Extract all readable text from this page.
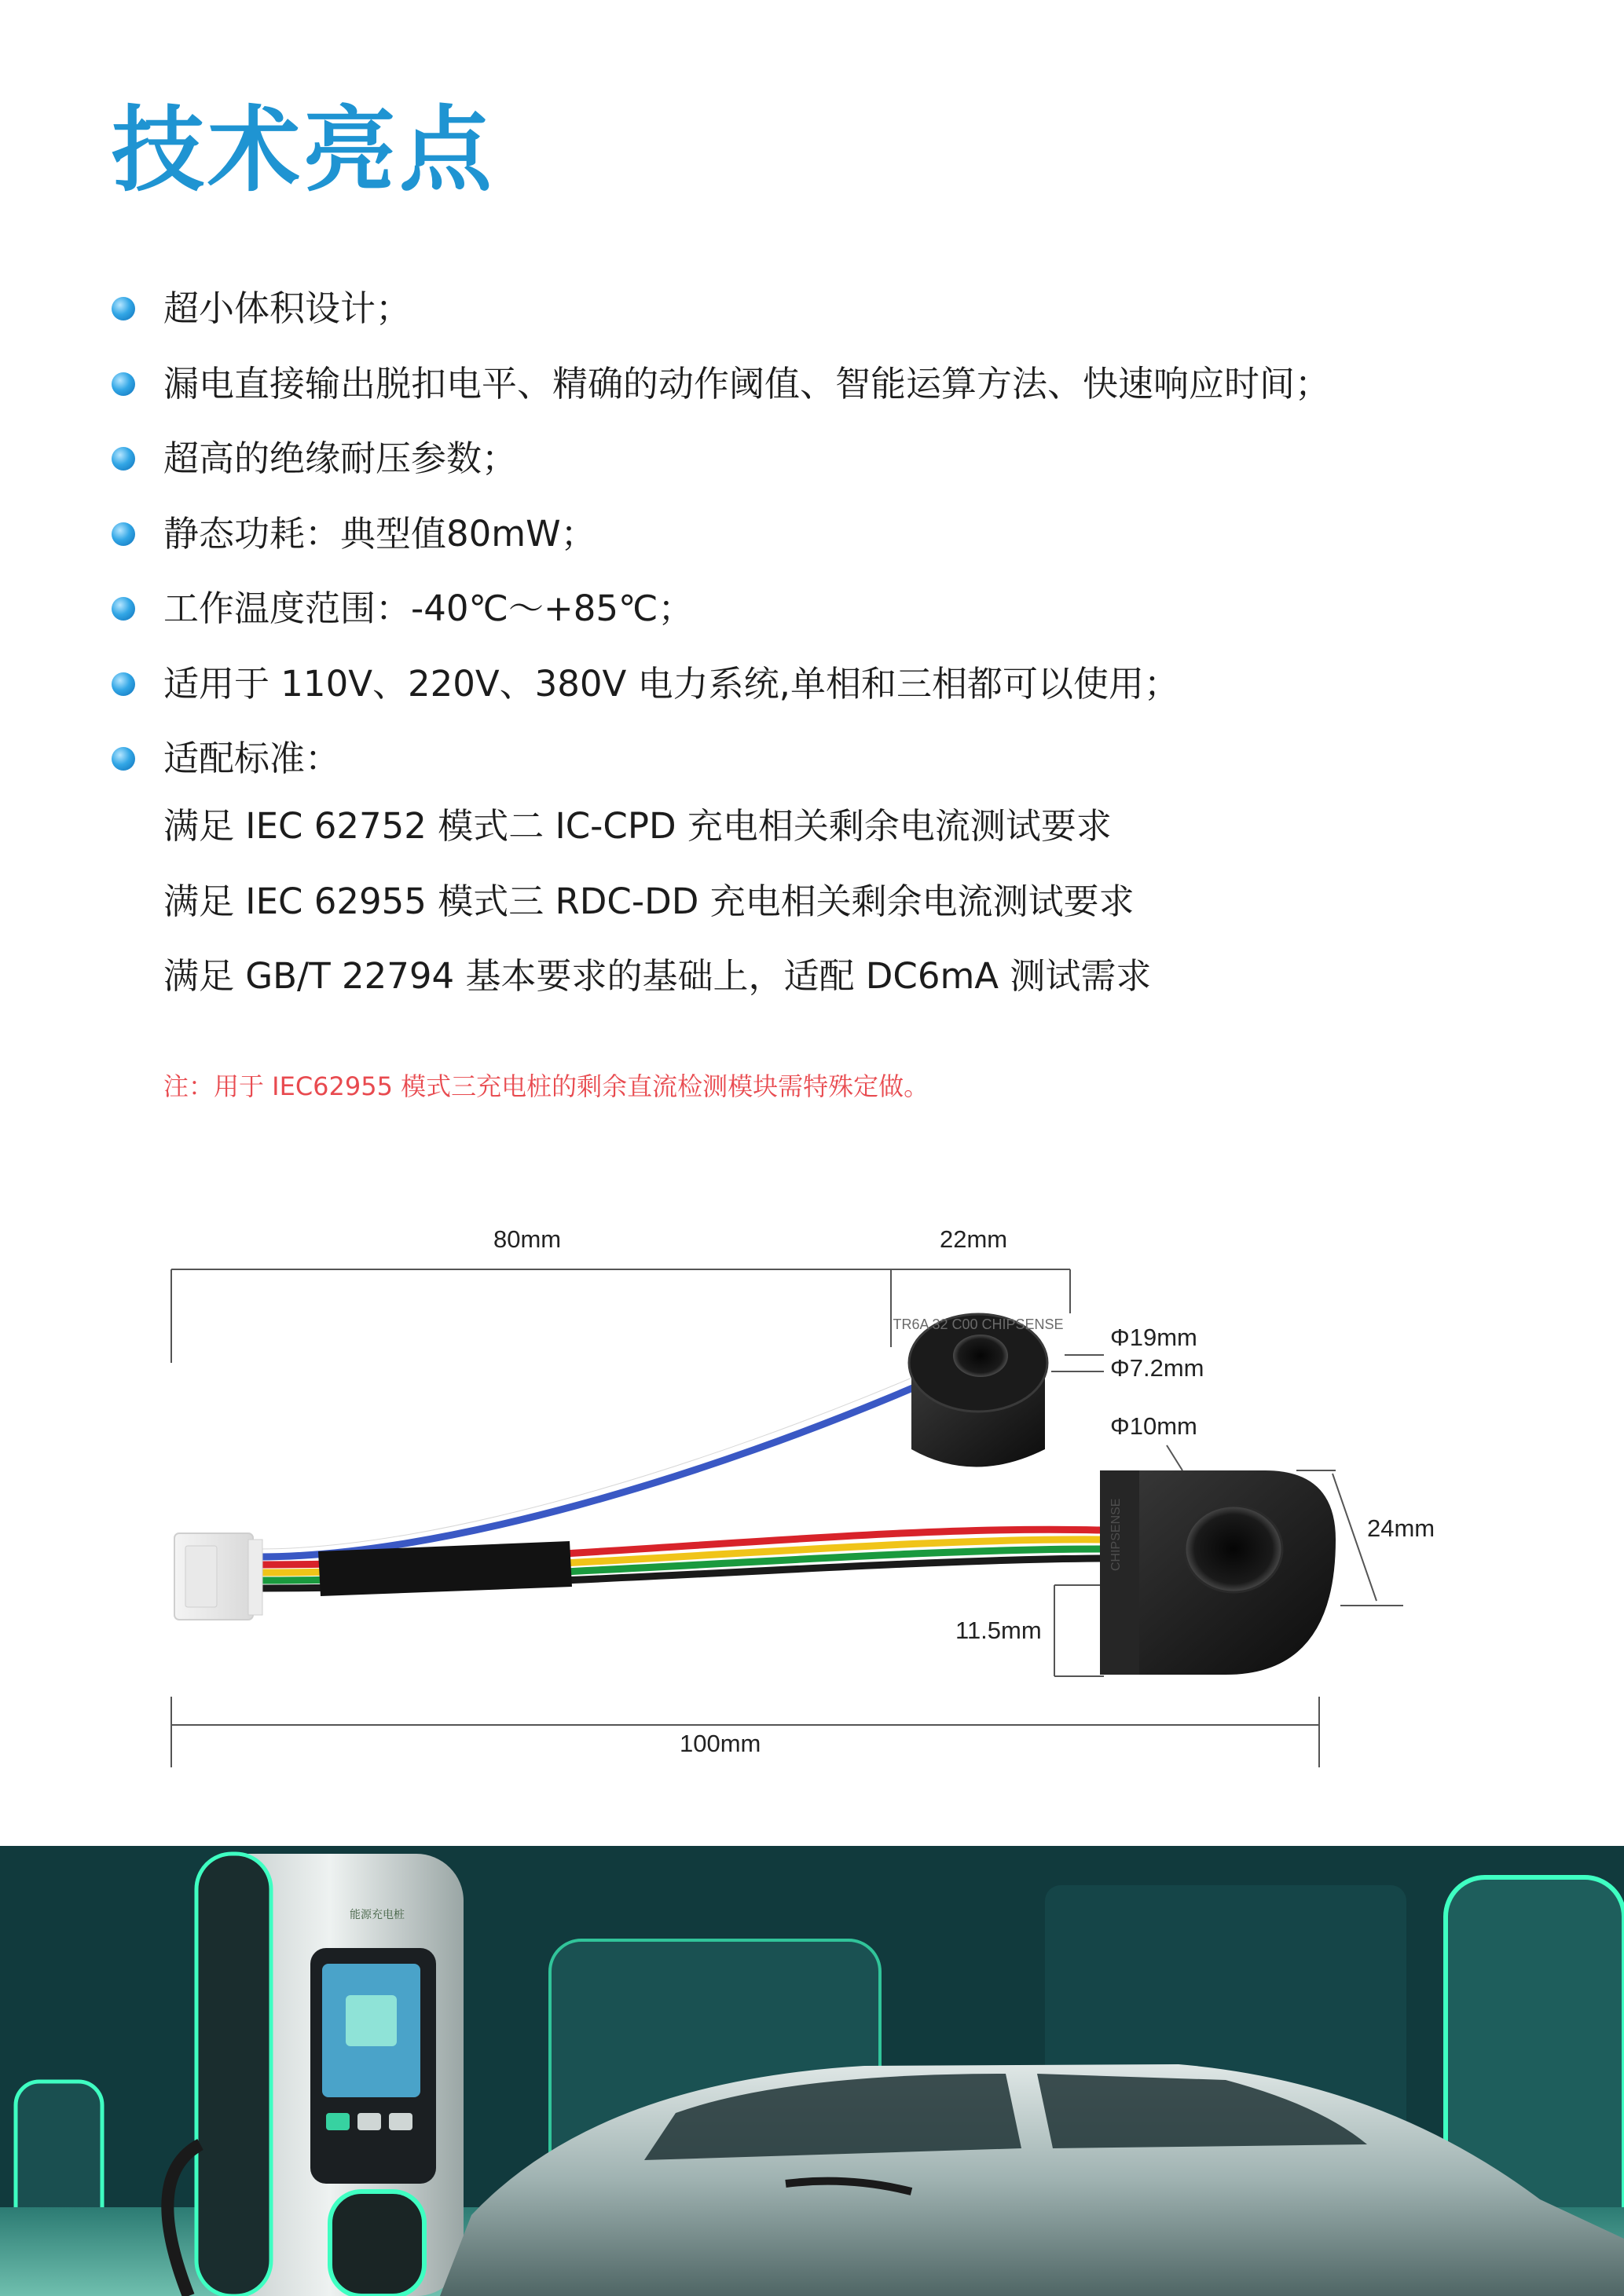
技术亮点
超小体积设计；
漏电直接输出脱扣电平、精确的动作阈值、智能运算方法、快速响应时间；
超高的绝缘耐压参数；
静态功耗：典型值80mW；
工作温度范围：-40℃～+85℃；
适用于 110V、220V、380V 电力系统,单相和三相都可以使用；
适配标准：
满足 IEC 62752 模式二 IC-CPD 充电相关剩余电流测试要求
满足 IEC 62955 模式三 RDC-DD 充电相关剩余电流测试要求
满足 GB/T 22794 基本要求的基础上，适配 DC6mA 测试需求
注：用于 IEC62955 模式三充电桩的剩余直流检测模块需特殊定做。
TR6A 32 C00 CHIPSENSE
CHIPSENSE
80mm	22mm
Φ19mm
Φ7.2mm
Φ10mm
24mm
11.5mm
100mm
能源充电桩
